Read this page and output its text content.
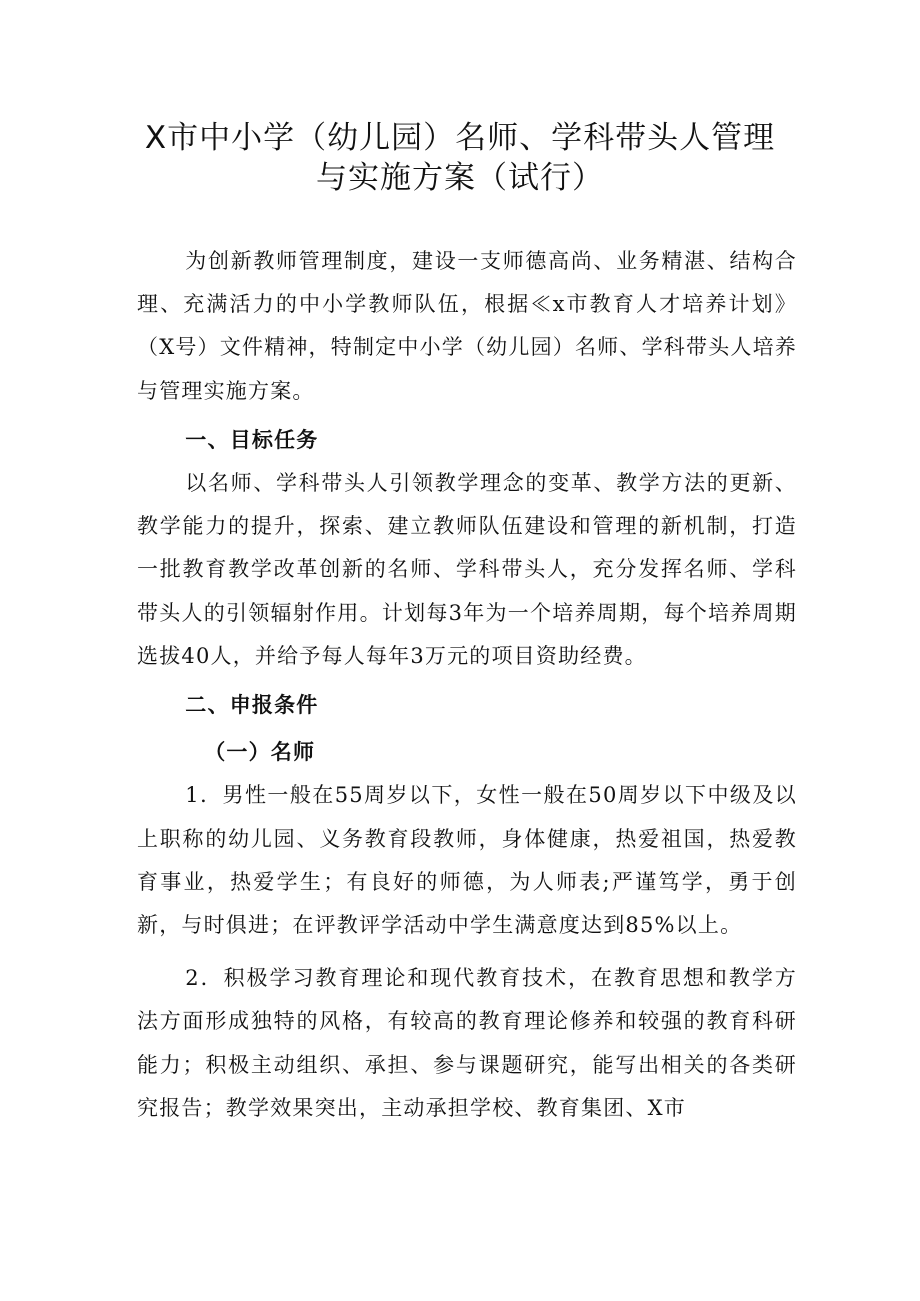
X市中小学（幼儿园）名师、学科带头人管理
与实施方案（试行）

为创新教师管理制度，建设一支师德高尚、业务精湛、结构合理、充满活力的中小学教师队伍，根据≪x市教育人才培养计划》（X号）文件精神，特制定中小学（幼儿园）名师、学科带头人培养与管理实施方案。

一、目标任务

以名师、学科带头人引领教学理念的变革、教学方法的更新、教学能力的提升，探索、建立教师队伍建设和管理的新机制，打造一批教育教学改革创新的名师、学科带头人，充分发挥名师、学科带头人的引领辐射作用。计划每3年为一个培养周期，每个培养周期选拔40人，并给予每人每年3万元的项目资助经费。

二、申报条件

（一）名师

1．男性一般在55周岁以下，女性一般在50周岁以下中级及以上职称的幼儿园、义务教育段教师，身体健康，热爱祖国，热爱教育事业，热爱学生；有良好的师德，为人师表;严谨笃学，勇于创新，与时俱进；在评教评学活动中学生满意度达到85%以上。

2．积极学习教育理论和现代教育技术，在教育思想和教学方法方面形成独特的风格，有较高的教育理论修养和较强的教育科研能力；积极主动组织、承担、参与课题研究，能写出相关的各类研究报告；教学效果突出，主动承担学校、教育集团、X市
